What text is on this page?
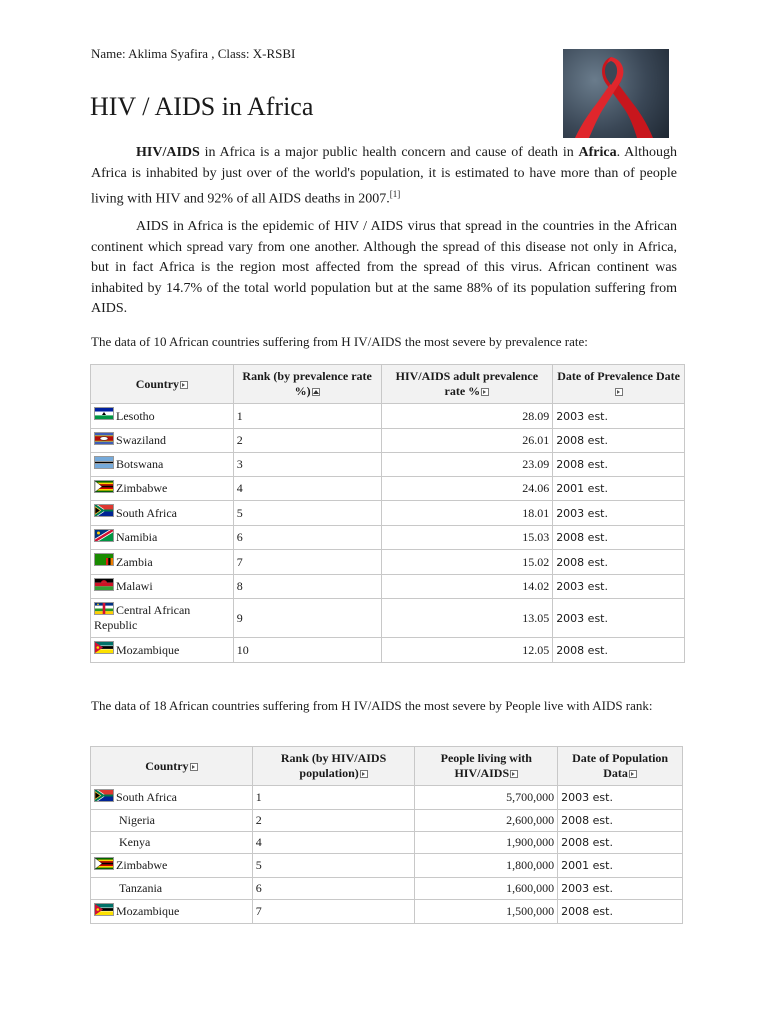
Name: Aklima Syafira , Class: X-RSBI
HIV / AIDS in Africa

HIV/AIDS in Africa is a major public health concern and cause of death in Africa. Although Africa is inhabited by just over of the world's population, it is estimated to have more than of people living with HIV and 92% of all AIDS deaths in 2007.[1]

AIDS in Africa is the epidemic of HIV / AIDS virus that spread in the countries in the African continent which spread vary from one another. Although the spread of this disease not only in Africa, but in fact Africa is the region most affected from the spread of this virus. African continent was inhabited by 14.7% of the total world population but at the same 88% of its population suffering from AIDS.

The data of 10 African countries suffering from H IV/AIDS the most severe by prevalence rate:

Country	Rank (by prevalence rate %)	HIV/AIDS adult prevalence rate %	Date of Prevalence Date

Lesotho	1	28.09	2003 est.

Swaziland	2	26.01	2008 est.

Botswana	3	23.09	2008 est.

Zimbabwe	4	24.06	2001 est.

South Africa	5	18.01	2003 est.

Namibia	6	15.03	2008 est.

Zambia	7	15.02	2008 est.

Malawi	8	14.02	2003 est.

Central African Republic	9	13.05	2003 est.

Mozambique	10	12.05	2008 est.

The data of 18 African countries suffering from H IV/AIDS the most severe by People live with AIDS rank:

Country	Rank (by HIV/AIDS population)	People living with HIV/AIDS	Date of Population Data

South Africa	1	5,700,000	2003 est.
Nigeria	2	2,600,000	2008 est.
Kenya	4	1,900,000	2008 est.

Zimbabwe	5	1,800,000	2001 est.
Tanzania	6	1,600,000	2003 est.

Mozambique	7	1,500,000	2008 est.
